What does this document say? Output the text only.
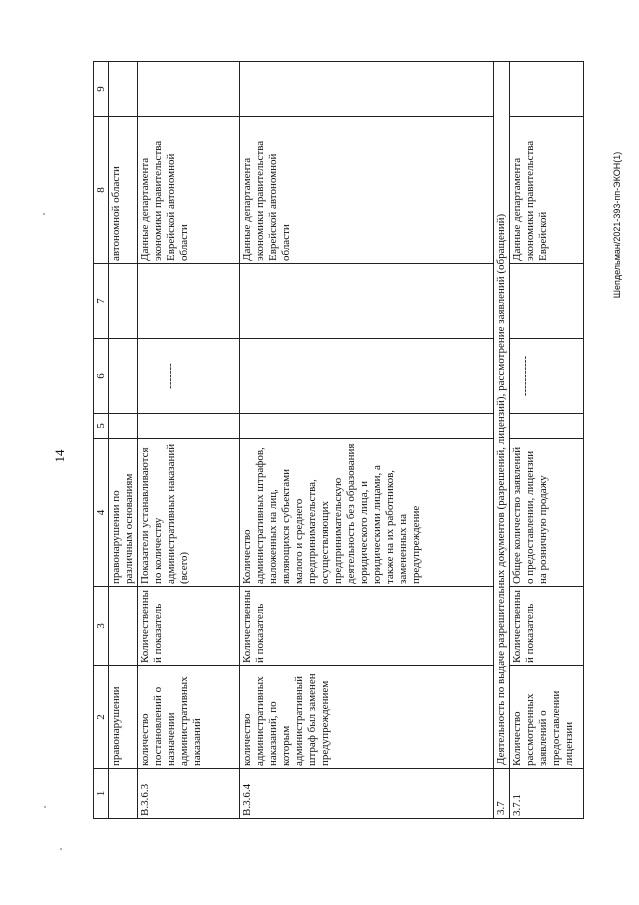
14
Шепдельман/2021-393-пп-ЭКОН(1)
1	2	3	4	5	6	7	8	9
	правонарушении		правонарушении по различным основаниям				автономной области	
В.3.6.3	количество постановлений о назначении административных наказаний	Количественный показатель	Показатели устанавливаются по количеству административных наказаний (всего)		-------		Данные департамента экономики правительства Еврейской автономной области	
В.3.6.4	количество административных наказаний, по которым административный штраф был заменен предупреждением	Количественный показатель	Количество административных штрафов, наложенных на лиц, являющихся субъектами малого и среднего предпринимательства, осуществляющих предпринимательскую деятельность без образования юридического лица, и юридическими лицами, а также на их работников, замененных на предупреждение				Данные департамента экономики правительства Еврейской автономной области	
3.7	Деятельность по выдаче разрешительных документов (разрешений, лицензий), рассмотрение заявлений (обращений)							
3.7.1	Количество рассмотренных заявлений о предоставлении лицензии	Количественный показатель	Общее количество заявлений о предоставлении, лицензии на розничную продажу		-----------		Данные департамента экономики правительства Еврейской	
